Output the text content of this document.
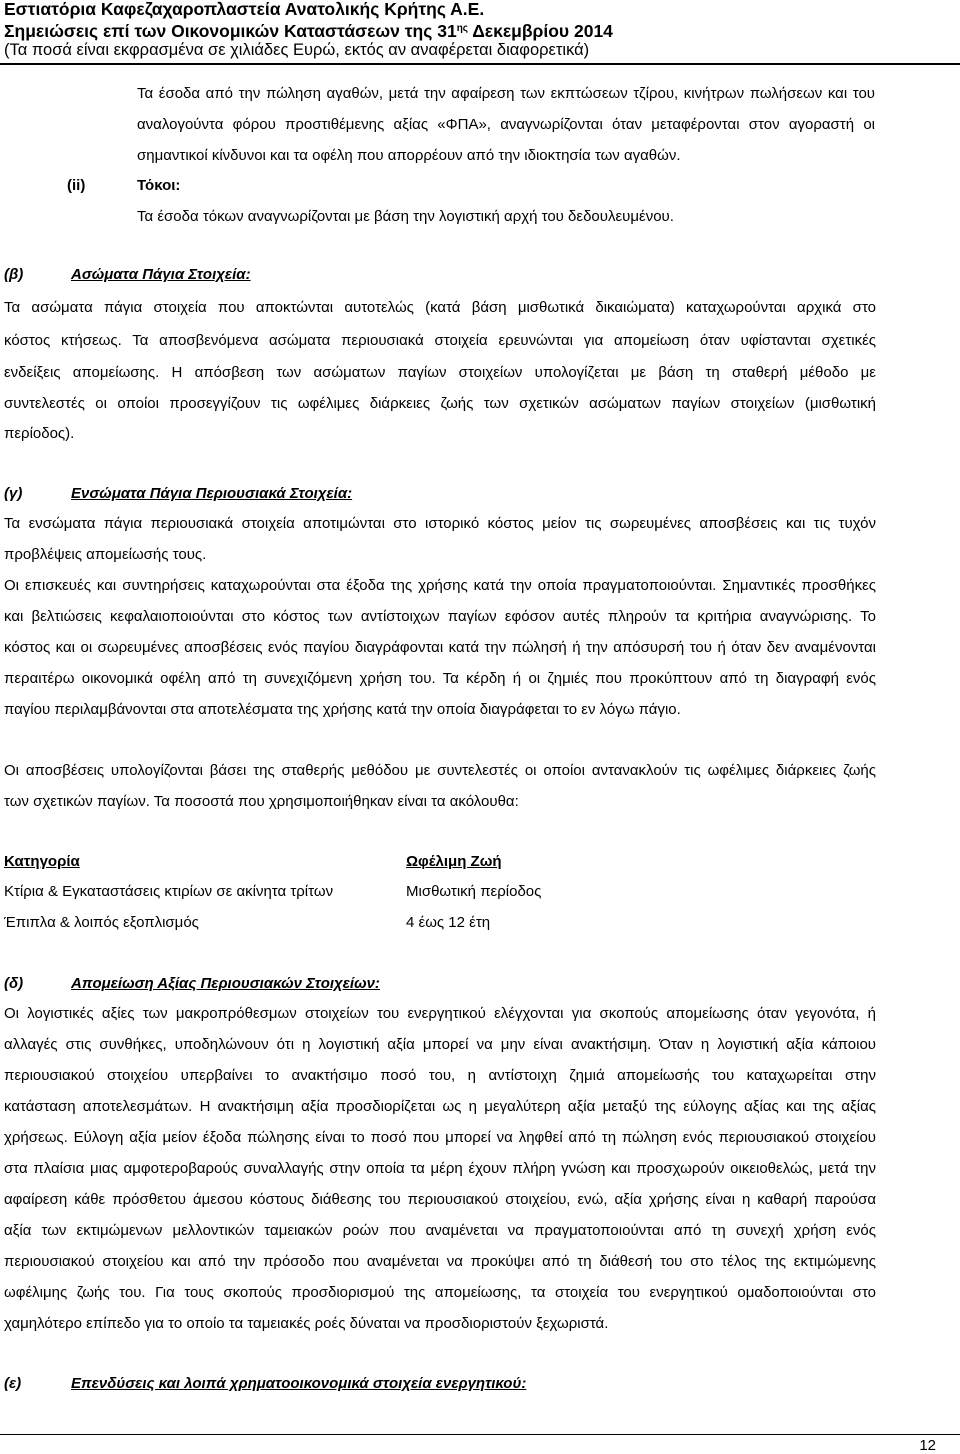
Εστιατόρια Καφεζαχαροπλαστεία Ανατολικής Κρήτης Α.Ε.
Σημειώσεις επί των Οικονομικών Καταστάσεων της $31^{\eta\varsigma}$ Δεκεμβρίου 2014
(Τα ποσά είναι εκφρασμένα σε χιλιάδες Ευρώ, εκτός αν αναφέρεται διαφορετικά)
Τα έσοδα από την πώληση αγαθών, μετά την αφαίρεση των εκπτώσεων τζίρου, κινήτρων πωλήσεων και του
αναλογούντα φόρου προστιθέμενης αξίας «ΦΠΑ», αναγνωρίζονται όταν μεταφέρονται στον αγοραστή οι
σημαντικοί κίνδυνοι και τα οφέλη που απορρέουν από την ιδιοκτησία των αγαθών.
(ii)	Τόκοι:
Τα έσοδα τόκων αναγνωρίζονται με βάση την λογιστική αρχή του δεδουλευμένου.
(β)	Ασώματα Πάγια Στοιχεία:
Τα ασώματα πάγια στοιχεία που αποκτώνται αυτοτελώς (κατά βάση μισθωτικά δικαιώματα) καταχωρούνται αρχικά στο
κόστος κτήσεως. Τα αποσβενόμενα ασώματα περιουσιακά στοιχεία ερευνώνται για απομείωση όταν υφίστανται σχετικές
ενδείξεις απομείωσης. Η απόσβεση των ασώματων παγίων στοιχείων υπολογίζεται με βάση τη σταθερή μέθοδο με
συντελεστές οι οποίοι προσεγγίζουν τις ωφέλιμες διάρκειες ζωής των σχετικών ασώματων παγίων στοιχείων (μισθωτική
περίοδος).
(γ)	Ενσώματα Πάγια Περιουσιακά Στοιχεία:
Τα ενσώματα πάγια περιουσιακά στοιχεία αποτιμώνται στο ιστορικό κόστος μείον τις σωρευμένες αποσβέσεις και τις τυχόν
προβλέψεις απομείωσής τους.
Οι επισκευές και συντηρήσεις καταχωρούνται στα έξοδα της χρήσης κατά την οποία πραγματοποιούνται. Σημαντικές προσθήκες
και βελτιώσεις κεφαλαιοποιούνται στο κόστος των αντίστοιχων παγίων εφόσον αυτές πληρούν τα κριτήρια αναγνώρισης. Το
κόστος και οι σωρευμένες αποσβέσεις ενός παγίου διαγράφονται κατά την πώλησή ή την απόσυρσή του ή όταν δεν αναμένονται
περαιτέρω οικονομικά οφέλη από τη συνεχιζόμενη χρήση του. Τα κέρδη ή οι ζημιές που προκύπτουν από τη διαγραφή ενός
παγίου περιλαμβάνονται στα αποτελέσματα της χρήσης κατά την οποία διαγράφεται το εν λόγω πάγιο.
Οι αποσβέσεις υπολογίζονται βάσει της σταθερής μεθόδου με συντελεστές οι οποίοι αντανακλούν τις ωφέλιμες διάρκειες ζωής
των σχετικών παγίων. Τα ποσοστά που χρησιμοποιήθηκαν είναι τα ακόλουθα:
Κατηγορία	Ωφέλιμη Ζωή
Κτίρια & Εγκαταστάσεις κτιρίων σε ακίνητα τρίτων	Μισθωτική περίοδος
Έπιπλα & λοιπός εξοπλισμός	4 έως 12 έτη
(δ)	Απομείωση Αξίας Περιουσιακών Στοιχείων:
Οι λογιστικές αξίες των μακροπρόθεσμων στοιχείων του ενεργητικού ελέγχονται για σκοπούς απομείωσης όταν γεγονότα, ή
αλλαγές στις συνθήκες, υποδηλώνουν ότι η λογιστική αξία μπορεί να μην είναι ανακτήσιμη. Όταν η λογιστική αξία κάποιου
περιουσιακού στοιχείου υπερβαίνει το ανακτήσιμο ποσό του, η αντίστοιχη ζημιά απομείωσής του καταχωρείται στην
κατάσταση αποτελεσμάτων. Η ανακτήσιμη αξία προσδιορίζεται ως η μεγαλύτερη αξία μεταξύ της εύλογης αξίας και της αξίας
χρήσεως. Εύλογη αξία μείον έξοδα πώλησης είναι το ποσό που μπορεί να ληφθεί από τη πώληση ενός περιουσιακού στοιχείου
στα πλαίσια μιας αμφοτεροβαρούς συναλλαγής στην οποία τα μέρη έχουν πλήρη γνώση και προσχωρούν οικειοθελώς, μετά την
αφαίρεση κάθε πρόσθετου άμεσου κόστους διάθεσης του περιουσιακού στοιχείου, ενώ, αξία χρήσης είναι η καθαρή παρούσα
αξία των εκτιμώμενων μελλοντικών ταμειακών ροών που αναμένεται να πραγματοποιούνται από τη συνεχή χρήση ενός
περιουσιακού στοιχείου και από την πρόσοδο που αναμένεται να προκύψει από τη διάθεσή του στο τέλος της εκτιμώμενης
ωφέλιμης ζωής του. Για τους σκοπούς προσδιορισμού της απομείωσης, τα στοιχεία του ενεργητικού ομαδοποιούνται στο
χαμηλότερο επίπεδο για το οποίο τα ταμειακές ροές δύναται να προσδιοριστούν ξεχωριστά.
(ε)	Επενδύσεις και λοιπά χρηματοοικονομικά στοιχεία ενεργητικού:
12
